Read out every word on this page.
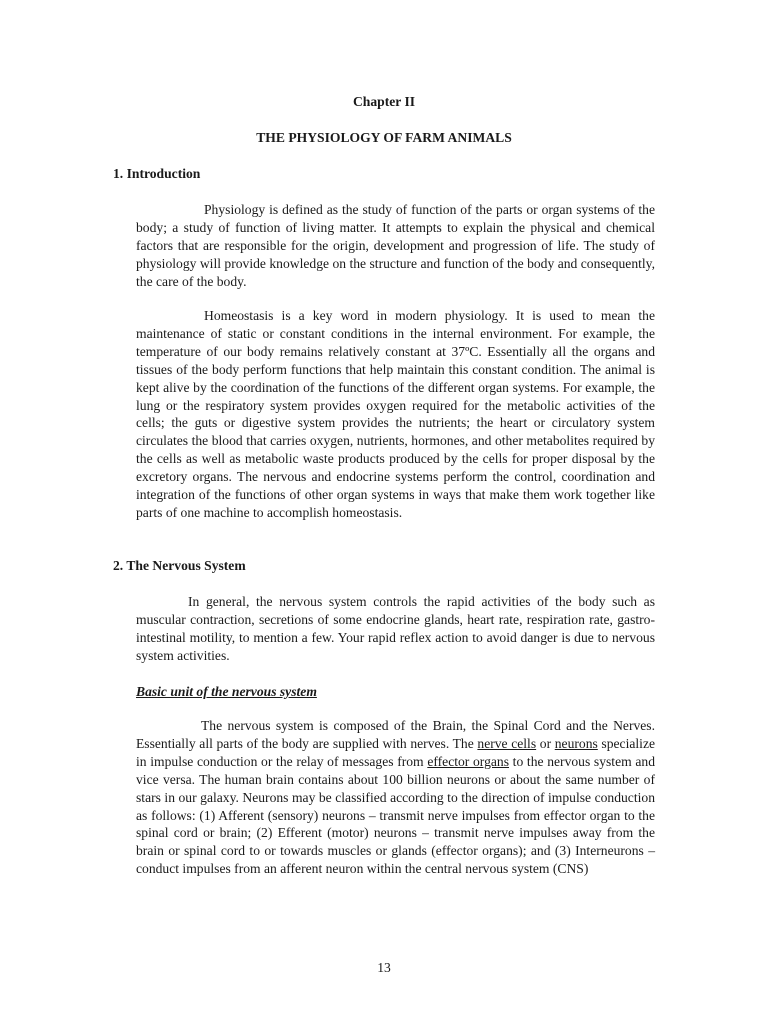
Chapter II
THE PHYSIOLOGY OF FARM ANIMALS
1. Introduction

Physiology is defined as the study of function of the parts or organ systems of the body; a study of function of living matter. It attempts to explain the physical and chemical factors that are responsible for the origin, development and progression of life. The study of physiology will provide knowledge on the structure and function of the body and consequently, the care of the body.

Homeostasis is a key word in modern physiology. It is used to mean the maintenance of static or constant conditions in the internal environment. For example, the temperature of our body remains relatively constant at 37ºC. Essentially all the organs and tissues of the body perform functions that help maintain this constant condition. The animal is kept alive by the coordination of the functions of the different organ systems. For example, the lung or the respiratory system provides oxygen required for the metabolic activities of the cells; the guts or digestive system provides the nutrients; the heart or circulatory system circulates the blood that carries oxygen, nutrients, hormones, and other metabolites required by the cells as well as metabolic waste products produced by the cells for proper disposal by the excretory organs. The nervous and endocrine systems perform the control, coordination and integration of the functions of other organ systems in ways that make them work together like parts of one machine to accomplish homeostasis.

2. The Nervous System

In general, the nervous system controls the rapid activities of the body such as muscular contraction, secretions of some endocrine glands, heart rate, respiration rate, gastro-intestinal motility, to mention a few. Your rapid reflex action to avoid danger is due to nervous system activities.

Basic unit of the nervous system

The nervous system is composed of the Brain, the Spinal Cord and the Nerves. Essentially all parts of the body are supplied with nerves. The nerve cells or neurons specialize in impulse conduction or the relay of messages from effector organs to the nervous system and vice versa. The human brain contains about 100 billion neurons or about the same number of stars in our galaxy. Neurons may be classified according to the direction of impulse conduction as follows: (1) Afferent (sensory) neurons – transmit nerve impulses from effector organ to the spinal cord or brain; (2) Efferent (motor) neurons – transmit nerve impulses away from the brain or spinal cord to or towards muscles or glands (effector organs); and (3) Interneurons – conduct impulses from an afferent neuron within the central nervous system (CNS)

13
